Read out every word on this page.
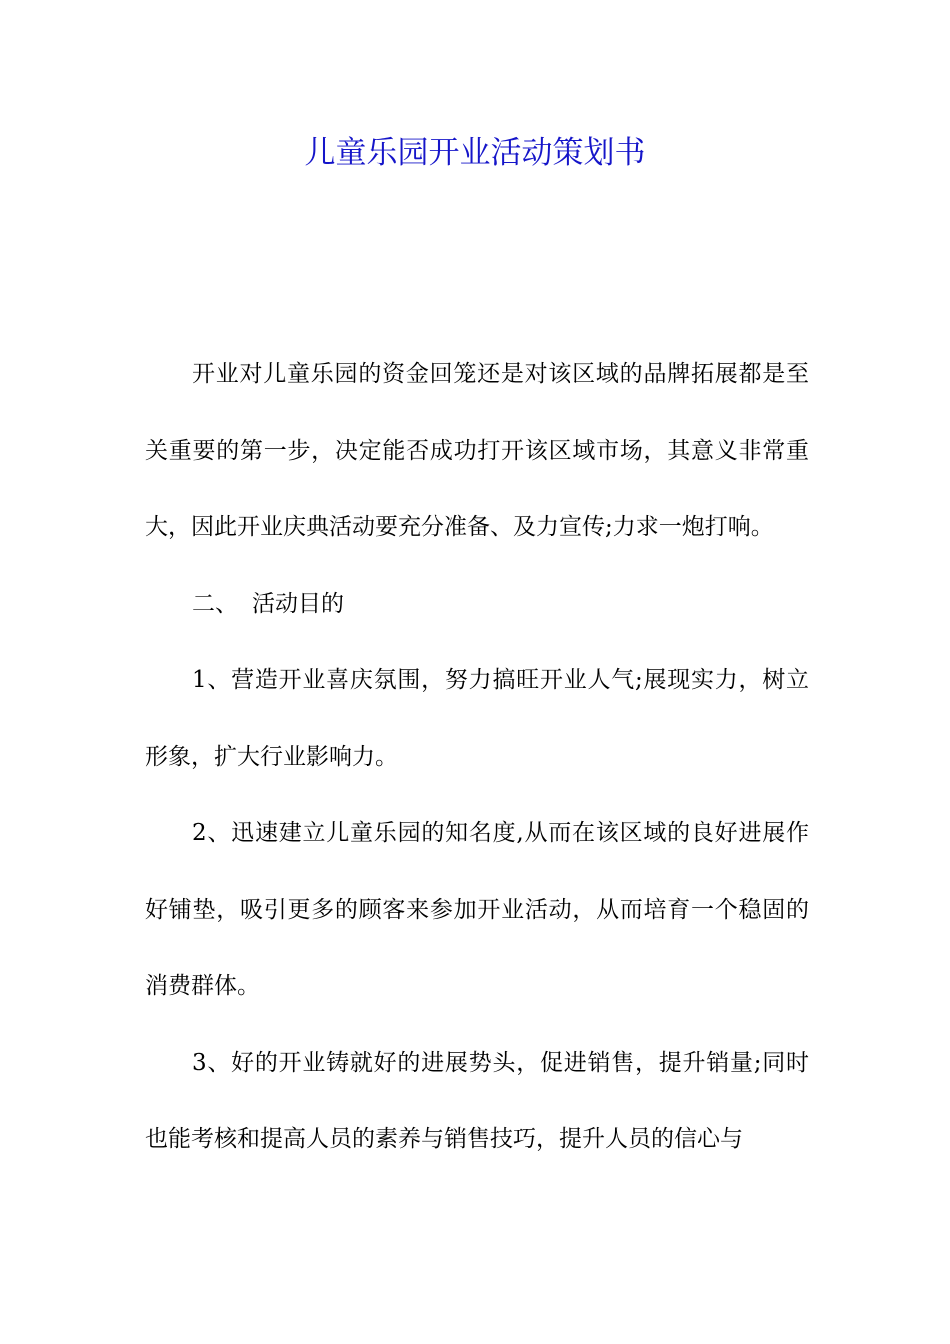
儿童乐园开业活动策划书

开业对儿童乐园的资金回笼还是对该区域的品牌拓展都是至关重要的第一步，决定能否成功打开该区域市场，其意义非常重大，因此开业庆典活动要充分准备、及力宣传;力求一炮打响。

二、 活动目的

1、营造开业喜庆氛围，努力搞旺开业人气;展现实力，树立形象，扩大行业影响力。

2、迅速建立儿童乐园的知名度,从而在该区域的良好进展作好铺垫，吸引更多的顾客来参加开业活动，从而培育一个稳固的消费群体。

3、好的开业铸就好的进展势头，促进销售，提升销量;同时也能考核和提高人员的素养与销售技巧，提升人员的信心与
